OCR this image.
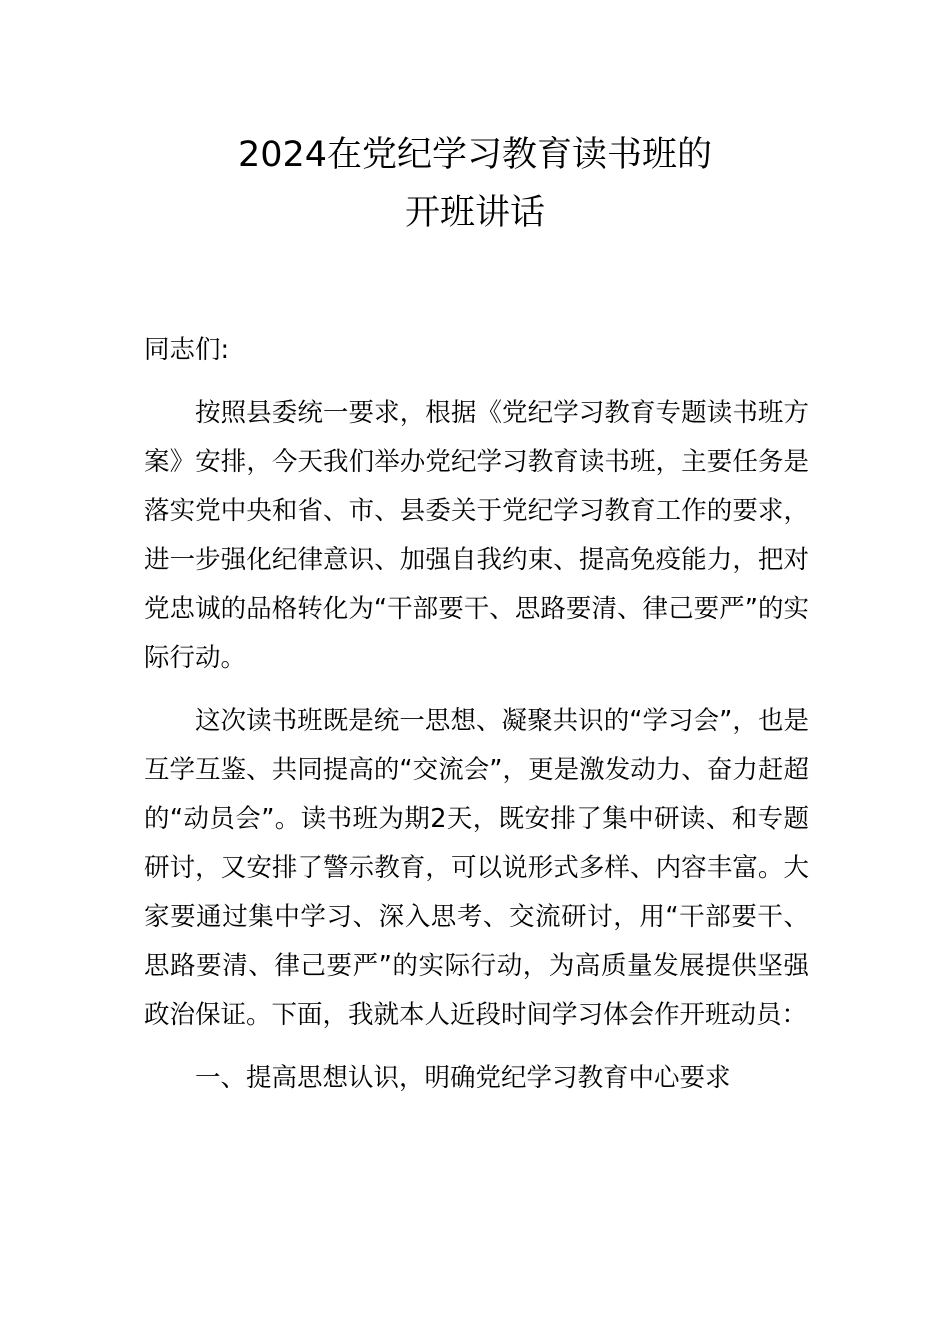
2024在党纪学习教育读书班的
开班讲话

同志们:

按照县委统一要求，根据《党纪学习教育专题读书班方案》安排，今天我们举办党纪学习教育读书班，主要任务是落实党中央和省、市、县委关于党纪学习教育工作的要求，进一步强化纪律意识、加强自我约束、提高免疫能力，把对党忠诚的品格转化为“干部要干、思路要清、律己要严”的实际行动。

这次读书班既是统一思想、凝聚共识的“学习会”，也是互学互鉴、共同提高的“交流会”，更是激发动力、奋力赶超的“动员会”。读书班为期2天，既安排了集中研读、和专题研讨，又安排了警示教育，可以说形式多样、内容丰富。大家要通过集中学习、深入思考、交流研讨，用“干部要干、思路要清、律己要严”的实际行动，为高质量发展提供坚强政治保证。下面，我就本人近段时间学习体会作开班动员：

一、提高思想认识，明确党纪学习教育中心要求
